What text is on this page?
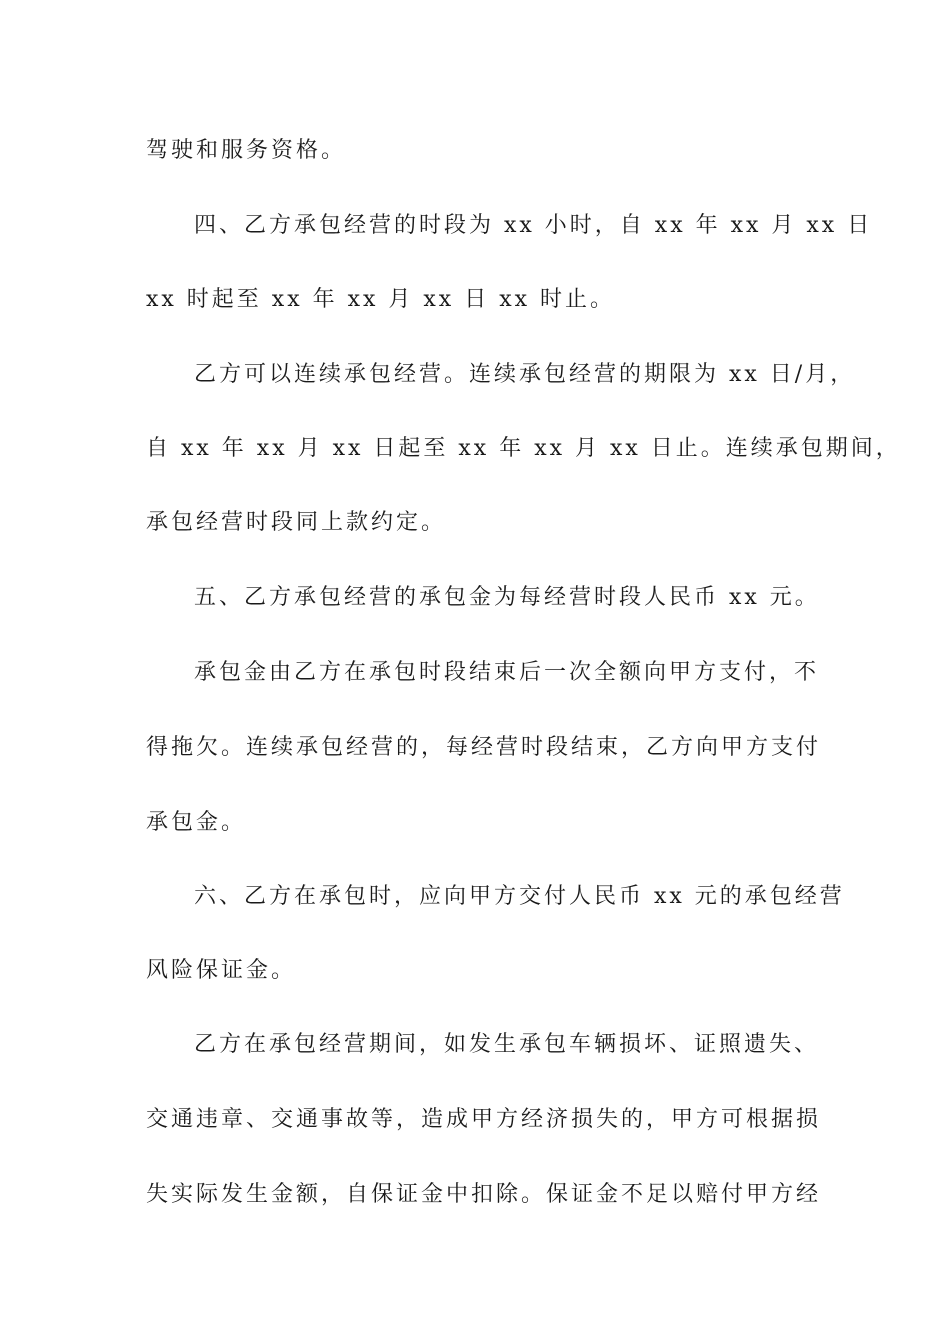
驾驶和服务资格。
四、乙方承包经营的时段为 xx 小时，自 xx 年 xx 月 xx 日
xx 时起至 xx 年 xx 月 xx 日 xx 时止。
乙方可以连续承包经营。连续承包经营的期限为 xx 日/月，
自 xx 年 xx 月 xx 日起至 xx 年 xx 月 xx 日止。连续承包期间，
承包经营时段同上款约定。
五、乙方承包经营的承包金为每经营时段人民币 xx 元。
承包金由乙方在承包时段结束后一次全额向甲方支付，不
得拖欠。连续承包经营的，每经营时段结束，乙方向甲方支付
承包金。
六、乙方在承包时，应向甲方交付人民币 xx 元的承包经营
风险保证金。
乙方在承包经营期间，如发生承包车辆损坏、证照遗失、
交通违章、交通事故等，造成甲方经济损失的，甲方可根据损
失实际发生金额，自保证金中扣除。保证金不足以赔付甲方经
